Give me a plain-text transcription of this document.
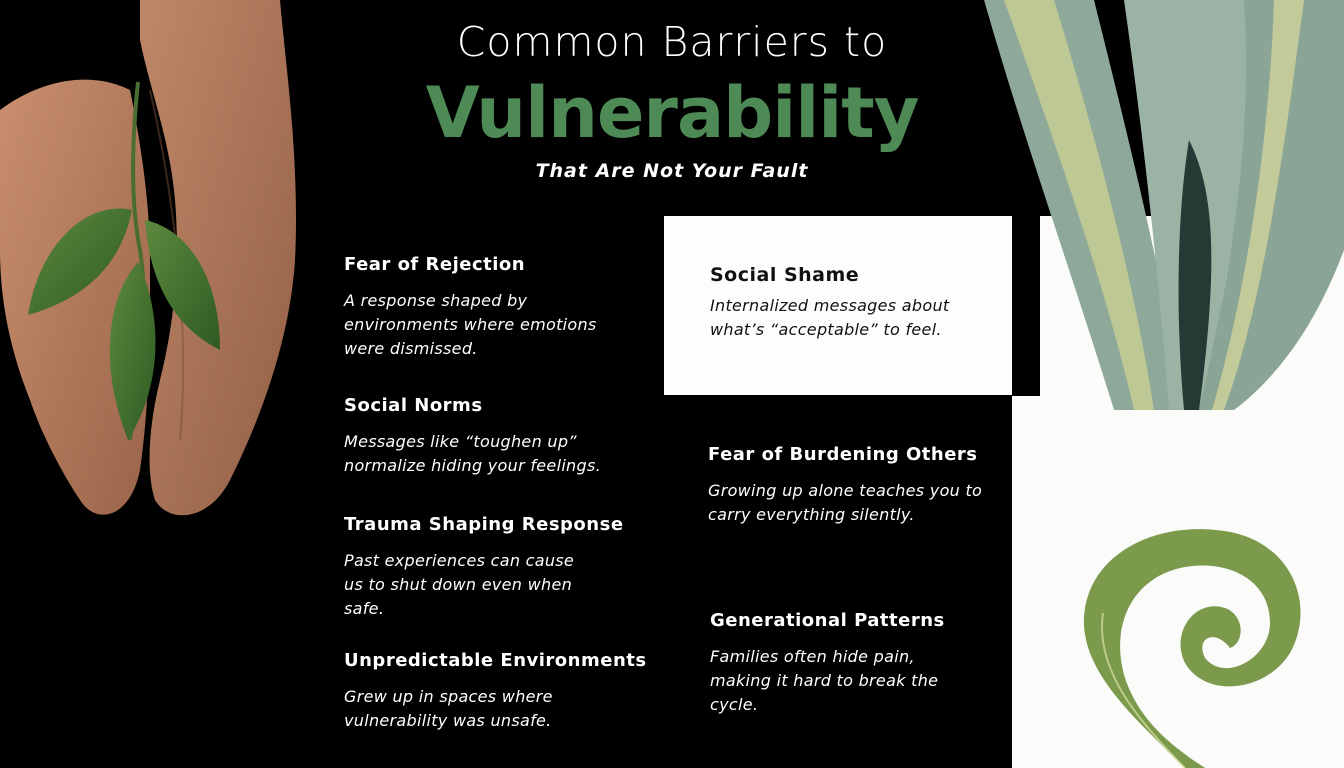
Common Barriers to
Vulnerability
That Are Not Your Fault
Fear of Rejection

A response shaped by environments where emotions were dismissed.

Social Norms

Messages like “toughen up” normalize hiding your feelings.

Trauma Shaping Response

Past experiences can cause us to shut down even when safe.

Unpredictable Environments

Grew up in spaces where vulnerability was unsafe.

Social Shame

Internalized messages about what’s “acceptable” to feel.

Fear of Burdening Others

Growing up alone teaches you to carry everything silently.

Generational Patterns

Families often hide pain, making it hard to break the cycle.
